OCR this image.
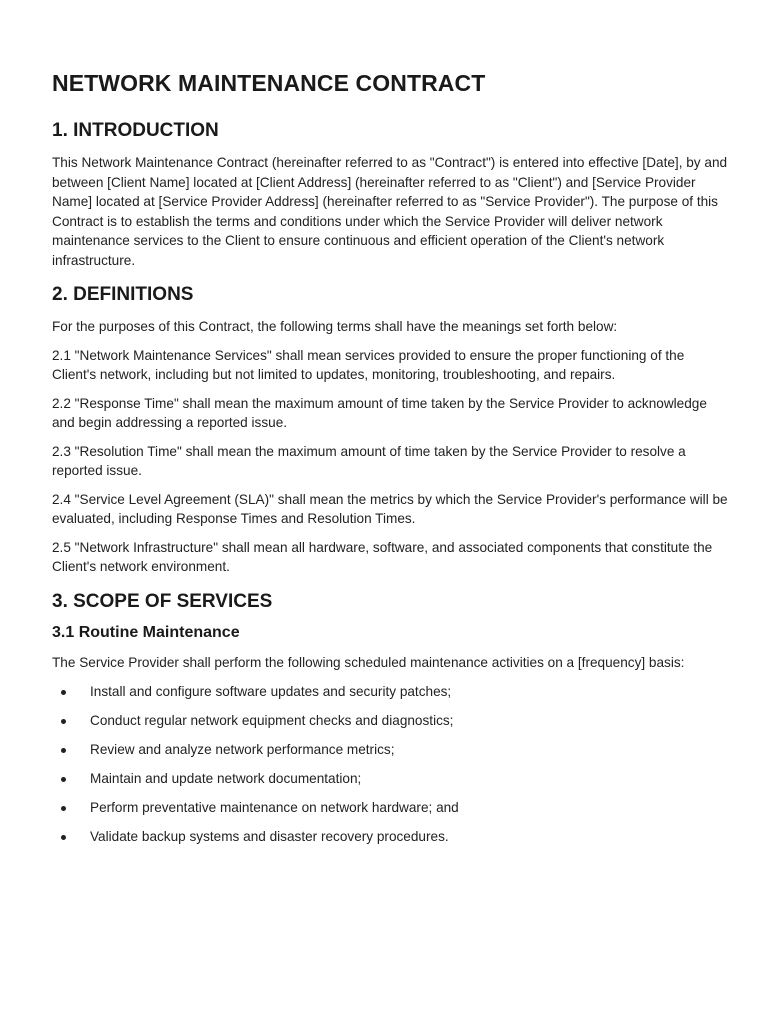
NETWORK MAINTENANCE CONTRACT
1. INTRODUCTION

This Network Maintenance Contract (hereinafter referred to as "Contract") is entered into effective [Date], by and between [Client Name] located at [Client Address] (hereinafter referred to as "Client") and [Service Provider Name] located at [Service Provider Address] (hereinafter referred to as "Service Provider"). The purpose of this Contract is to establish the terms and conditions under which the Service Provider will deliver network maintenance services to the Client to ensure continuous and efficient operation of the Client's network infrastructure.

2. DEFINITIONS

For the purposes of this Contract, the following terms shall have the meanings set forth below:

2.1 "Network Maintenance Services" shall mean services provided to ensure the proper functioning of the Client's network, including but not limited to updates, monitoring, troubleshooting, and repairs.

2.2 "Response Time" shall mean the maximum amount of time taken by the Service Provider to acknowledge and begin addressing a reported issue.

2.3 "Resolution Time" shall mean the maximum amount of time taken by the Service Provider to resolve a reported issue.

2.4 "Service Level Agreement (SLA)" shall mean the metrics by which the Service Provider's performance will be evaluated, including Response Times and Resolution Times.

2.5 "Network Infrastructure" shall mean all hardware, software, and associated components that constitute the Client's network environment.

3. SCOPE OF SERVICES
3.1 Routine Maintenance

The Service Provider shall perform the following scheduled maintenance activities on a [frequency] basis:

Install and configure software updates and security patches;
Conduct regular network equipment checks and diagnostics;
Review and analyze network performance metrics;
Maintain and update network documentation;
Perform preventative maintenance on network hardware; and
Validate backup systems and disaster recovery procedures.
